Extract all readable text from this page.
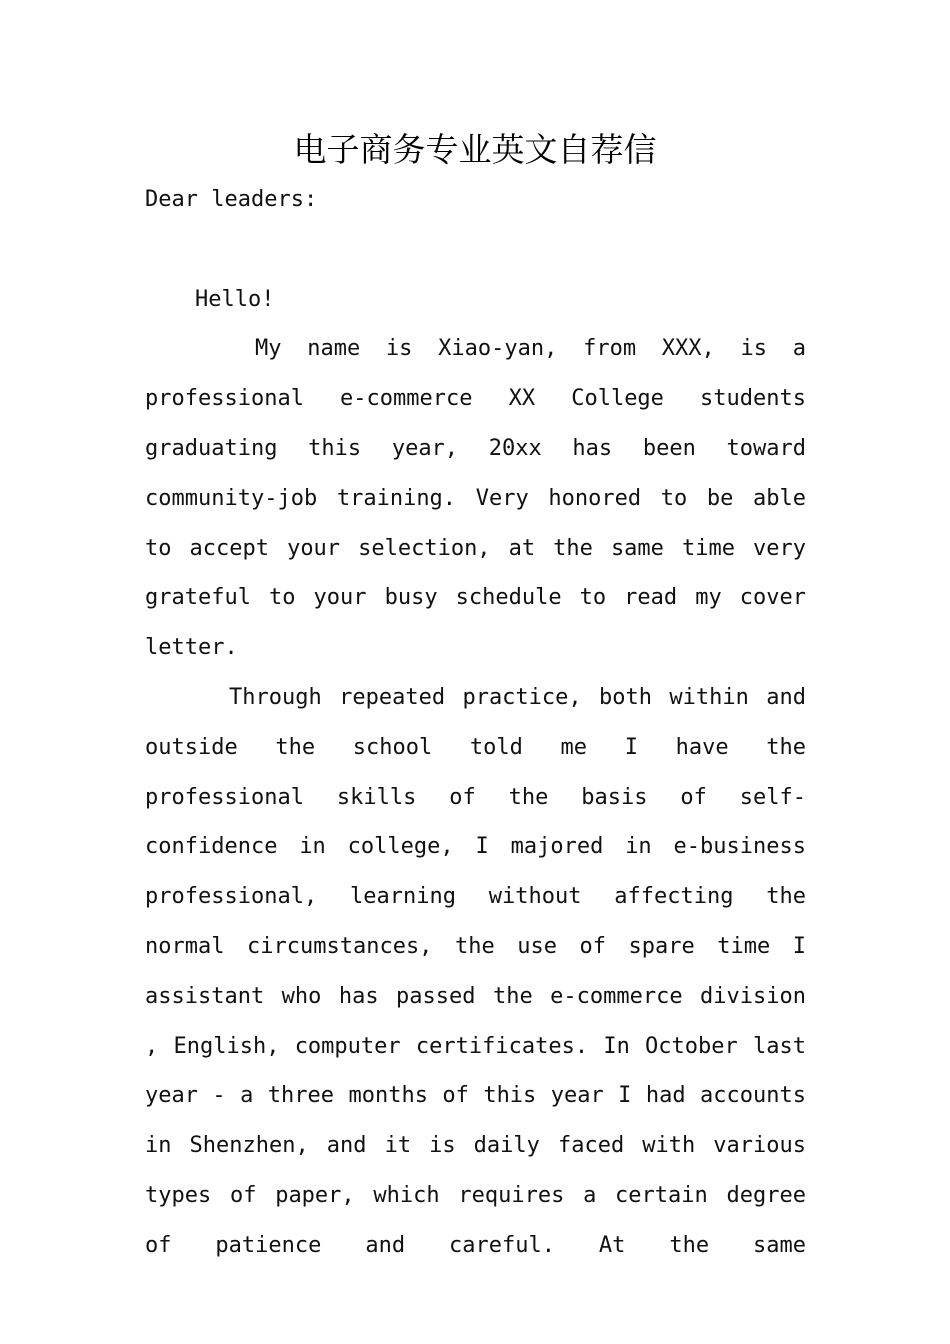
电子商务专业英文自荐信

Dear leaders:

Hello!

My name is Xiao-yan, from XXX, is a professional e-commerce XX College students graduating this year, 20xx has been toward community-job training. Very honored to be able to accept your selection, at the same time very grateful to your busy schedule to read my cover letter.

Through repeated practice, both within and outside the school told me I have the professional skills of the basis of self-confidence in college, I majored in e-business professional, learning without affecting the normal circumstances, the use of spare time I assistant who has passed the e-commerce division , English, computer certificates. In October last year - a three months of this year I had accounts in Shenzhen, and it is daily faced with various types of paper, which requires a certain degree of patience and careful. At the same
